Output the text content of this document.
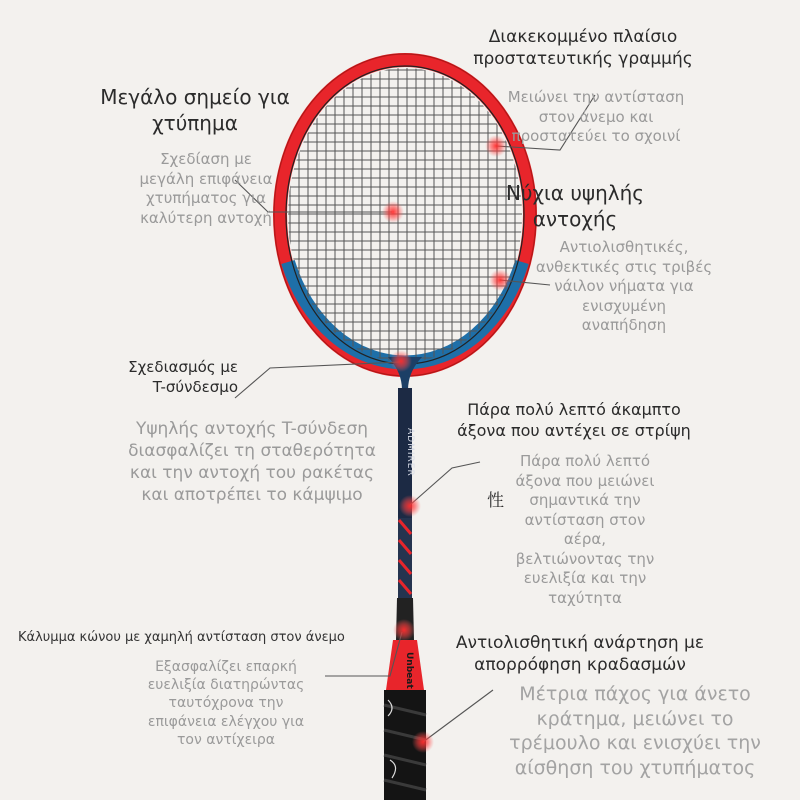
ADMIRER
Unbeat
Διακεκομμένο πλαίσιο
προστατευτικής γραμμής
Μειώνει την αντίσταση
στον άνεμο και
προστατεύει το σχοινί
Μεγάλο σημείο για
χτύπημα
Σχεδίαση με
μεγάλη επιφάνεια
χτυπήματος για
καλύτερη αντοχή
Νύχια υψηλής
αντοχής
Αντιολισθητικές,
ανθεκτικές στις τριβές
νάιλον νήματα για
ενισχυμένη
αναπήδηση
Σχεδιασμός με
T-σύνδεσμο
Υψηλής αντοχής T-σύνδεση
διασφαλίζει τη σταθερότητα
και την αντοχή του ρακέτας
και αποτρέπει το κάμψιμο
Πάρα πολύ λεπτό άκαμπτο
άξονα που αντέχει σε στρίψη
Πάρα πολύ λεπτό
άξονα που μειώνει
σημαντικά την
αντίσταση στον
αέρα,
βελτιώνοντας την
ευελιξία και την
ταχύτητα
性
Κάλυμμα κώνου με χαμηλή αντίσταση στον άνεμο
Εξασφαλίζει επαρκή
ευελιξία διατηρώντας
ταυτόχρονα την
επιφάνεια ελέγχου για
τον αντίχειρα
Αντιολισθητική ανάρτηση με
απορρόφηση κραδασμών
Μέτρια πάχος για άνετο
κράτημα, μειώνει το
τρέμουλο και ενισχύει την
αίσθηση του χτυπήματος
